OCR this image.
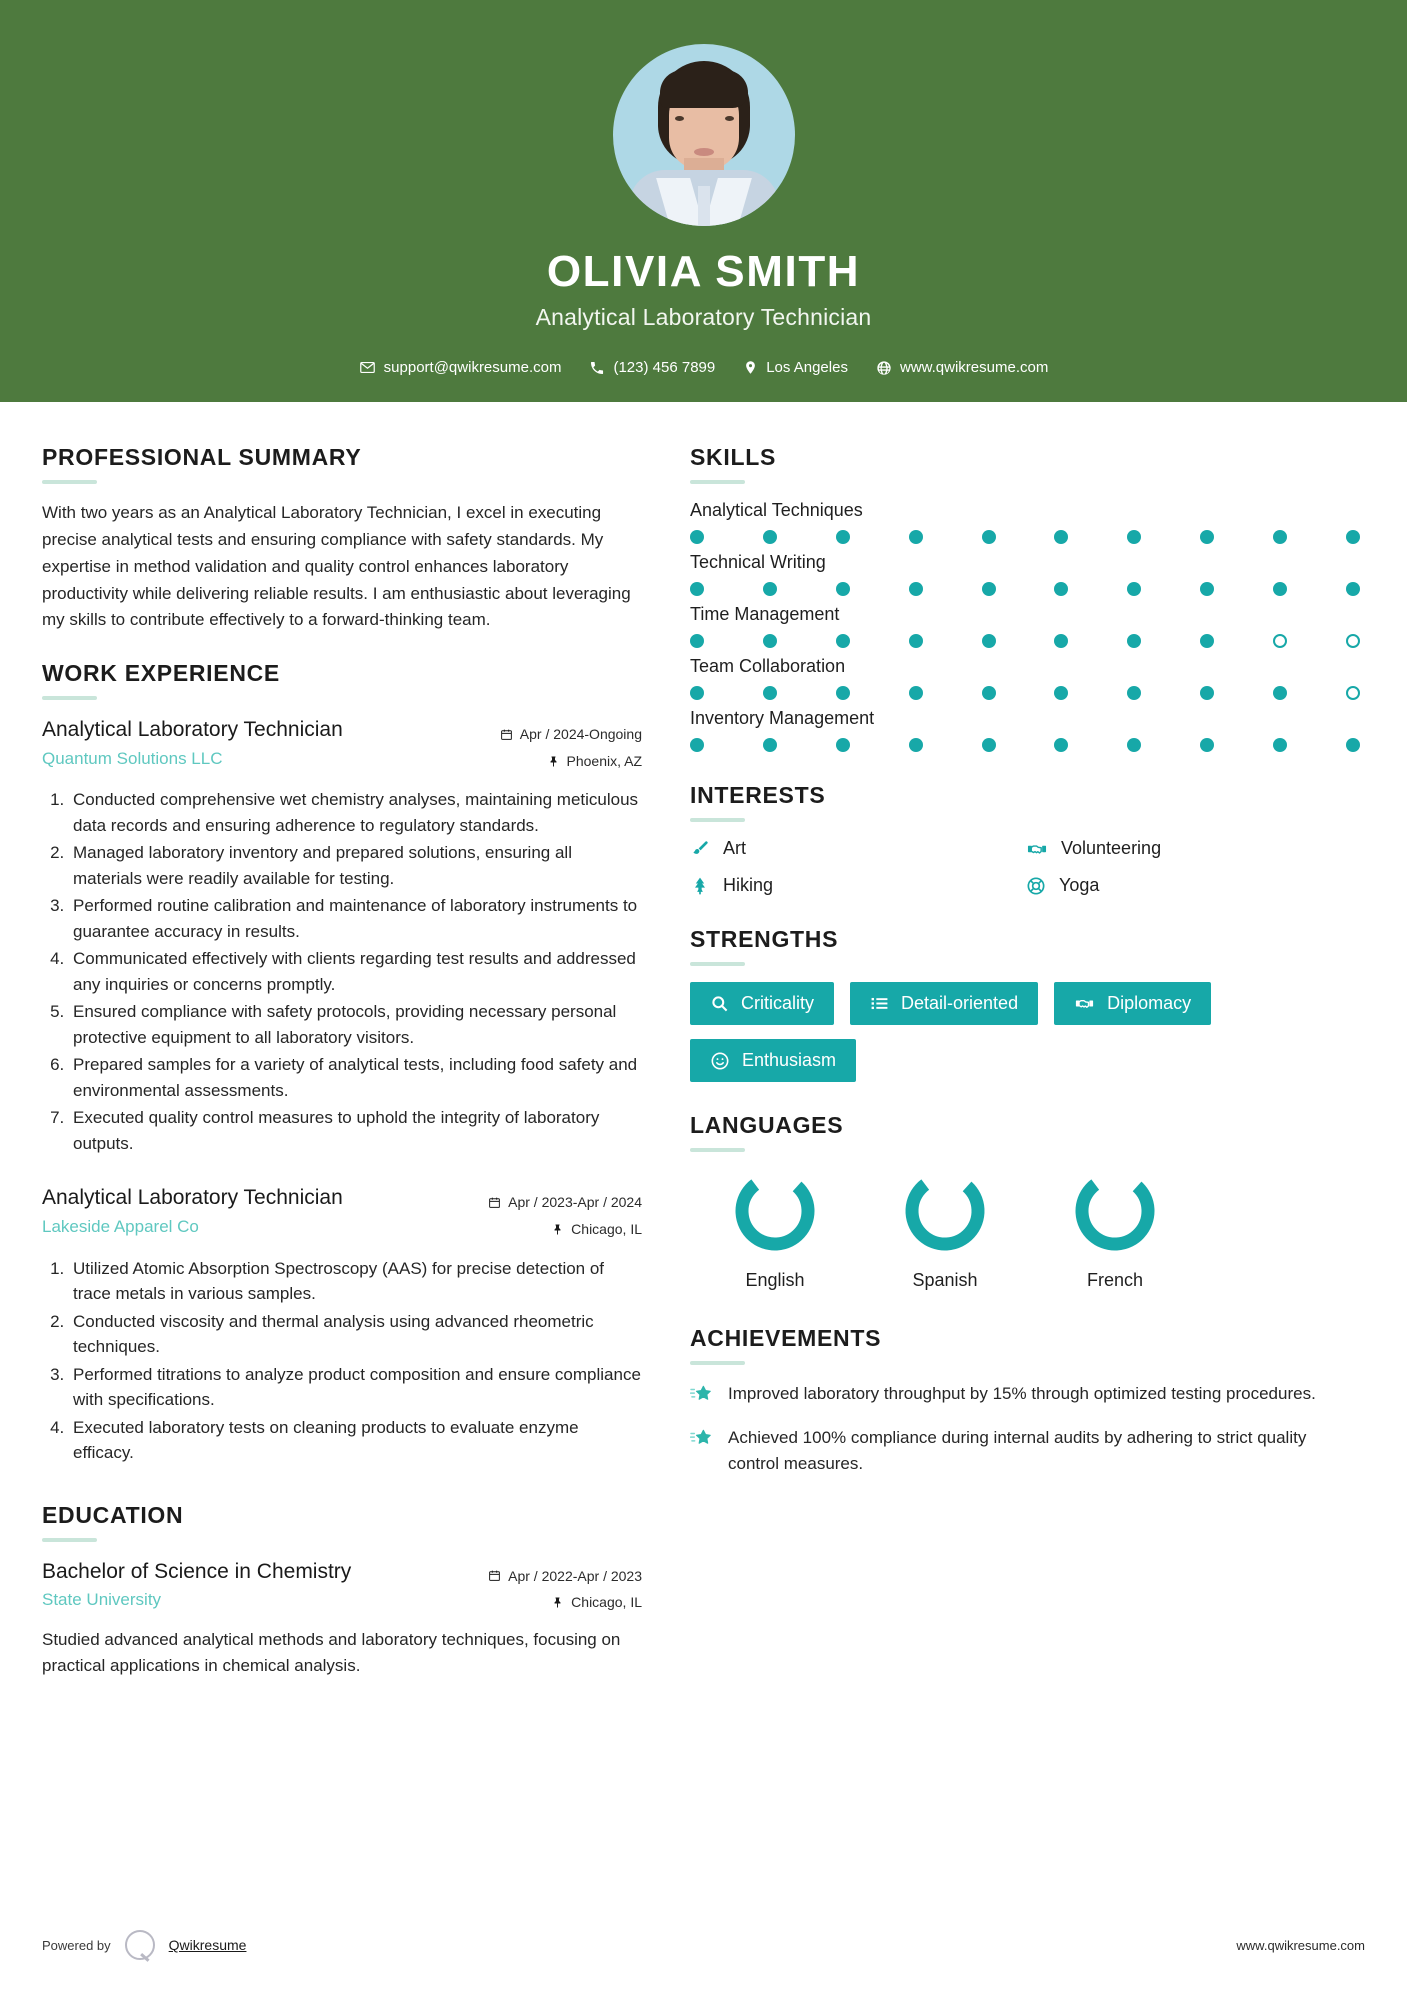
OLIVIA SMITH
Analytical Laboratory Technician
support@qwikresume.com	(123) 456 7899	Los Angeles	www.qwikresume.com
PROFESSIONAL SUMMARY
With two years as an Analytical Laboratory Technician, I excel in executing precise analytical tests and ensuring compliance with safety standards. My expertise in method validation and quality control enhances laboratory productivity while delivering reliable results. I am enthusiastic about leveraging my skills to contribute effectively to a forward-thinking team.
WORK EXPERIENCE
Analytical Laboratory Technician
Quantum Solutions LLC
Apr / 2024-Ongoing
Phoenix, AZ
1. Conducted comprehensive wet chemistry analyses, maintaining meticulous data records and ensuring adherence to regulatory standards.
2. Managed laboratory inventory and prepared solutions, ensuring all materials were readily available for testing.
3. Performed routine calibration and maintenance of laboratory instruments to guarantee accuracy in results.
4. Communicated effectively with clients regarding test results and addressed any inquiries or concerns promptly.
5. Ensured compliance with safety protocols, providing necessary personal protective equipment to all laboratory visitors.
6. Prepared samples for a variety of analytical tests, including food safety and environmental assessments.
7. Executed quality control measures to uphold the integrity of laboratory outputs.
Analytical Laboratory Technician
Lakeside Apparel Co
Apr / 2023-Apr / 2024
Chicago, IL
1. Utilized Atomic Absorption Spectroscopy (AAS) for precise detection of trace metals in various samples.
2. Conducted viscosity and thermal analysis using advanced rheometric techniques.
3. Performed titrations to analyze product composition and ensure compliance with specifications.
4. Executed laboratory tests on cleaning products to evaluate enzyme efficacy.
EDUCATION
Bachelor of Science in Chemistry
State University
Apr / 2022-Apr / 2023
Chicago, IL
Studied advanced analytical methods and laboratory techniques, focusing on practical applications in chemical analysis.
SKILLS
Analytical Techniques
Technical Writing
Time Management
Team Collaboration
Inventory Management
INTERESTS
Art	Volunteering
Hiking	Yoga
STRENGTHS
Criticality	Detail-oriented	Diplomacy
Enthusiasm
LANGUAGES
English	Spanish	French
ACHIEVEMENTS
Improved laboratory throughput by 15% through optimized testing procedures.
Achieved 100% compliance during internal audits by adhering to strict quality control measures.
Powered by	Qwikresume	www.qwikresume.com
